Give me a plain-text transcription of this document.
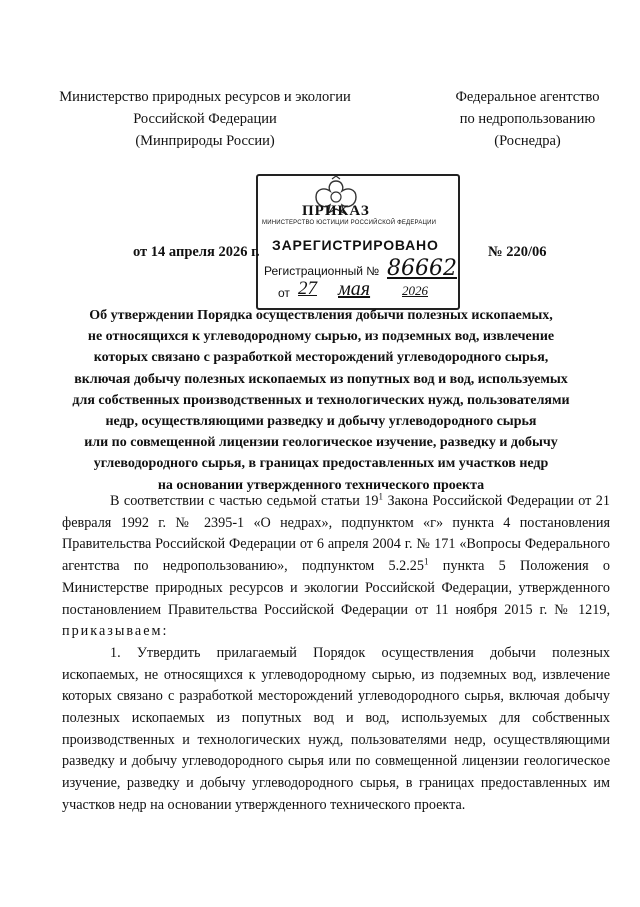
Министерство природных ресурсов и экологии
Российской Федерации
(Минприроды России)
Федеральное агентство
по недропользованию
(Роснедра)
ПРИКАЗ
МИНИСТЕРСТВО ЮСТИЦИИ РОССИЙСКОЙ ФЕДЕРАЦИИ
ЗАРЕГИСТРИРОВАНО
Регистрационный № 86662
от 27 мая 2026
от 14 апреля 2026 г.	№ 220/06
Об утверждении Порядка осуществления добычи полезных ископаемых,
не относящихся к углеводородному сырью, из подземных вод, извлечение
которых связано с разработкой месторождений углеводородного сырья,
включая добычу полезных ископаемых из попутных вод и вод, используемых
для собственных производственных и технологических нужд, пользователями
недр, осуществляющими разведку и добычу углеводородного сырья
или по совмещенной лицензии геологическое изучение, разведку и добычу
углеводородного сырья, в границах предоставленных им участков недр
на основании утвержденного технического проекта

В соответствии с частью седьмой статьи $19^1$ Закона Российской Федерации от 21 февраля 1992 г. № 2395-1 «О недрах», подпунктом «г» пункта 4 постановления Правительства Российской Федерации от 6 апреля 2004 г. № 171 «Вопросы Федерального агентства по недропользованию», подпунктом 5.2.25$^1$ пункта 5 Положения о Министерстве природных ресурсов и экологии Российской Федерации, утвержденного постановлением Правительства Российской Федерации от 11 ноября 2015 г. № 1219, приказываем:

1. Утвердить прилагаемый Порядок осуществления добычи полезных ископаемых, не относящихся к углеводородному сырью, из подземных вод, извлечение которых связано с разработкой месторождений углеводородного сырья, включая добычу полезных ископаемых из попутных вод и вод, используемых для собственных производственных и технологических нужд, пользователями недр, осуществляющими разведку и добычу углеводородного сырья или по совмещенной лицензии геологическое изучение, разведку и добычу углеводородного сырья, в границах предоставленных им участков недр на основании утвержденного технического проекта.
